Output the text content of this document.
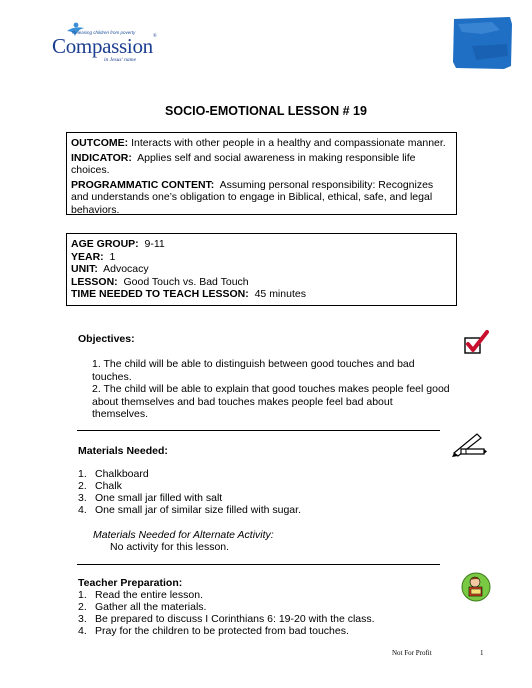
Releasing children from poverty
Compassion®
in Jesus' name
SOCIO-EMOTIONAL LESSON # 19

OUTCOME: Interacts with other people in a healthy and compassionate manner.

INDICATOR: Applies self and social awareness in making responsible life choices.

PROGRAMMATIC CONTENT: Assuming personal responsibility: Recognizes and understands one’s obligation to engage in Biblical, ethical, safe, and legal behaviors.

AGE GROUP: 9-11
YEAR: 1
UNIT: Advocacy
LESSON: Good Touch vs. Bad Touch
TIME NEEDED TO TEACH LESSON: 45 minutes
Objectives:

1. The child will be able to distinguish between good touches and bad touches.

2. The child will be able to explain that good touches makes people feel good about themselves and bad touches makes people feel bad about themselves.

Materials Needed:
1. Chalkboard
2. Chalk
3. One small jar filled with salt
4. One small jar of similar size filled with sugar.
Materials Needed for Alternate Activity:
No activity for this lesson.
Teacher Preparation:
1. Read the entire lesson.
2. Gather all the materials.
3. Be prepared to discuss I Corinthians 6: 19-20 with the class.
4. Pray for the children to be protected from bad touches.
Not For Profit	1
